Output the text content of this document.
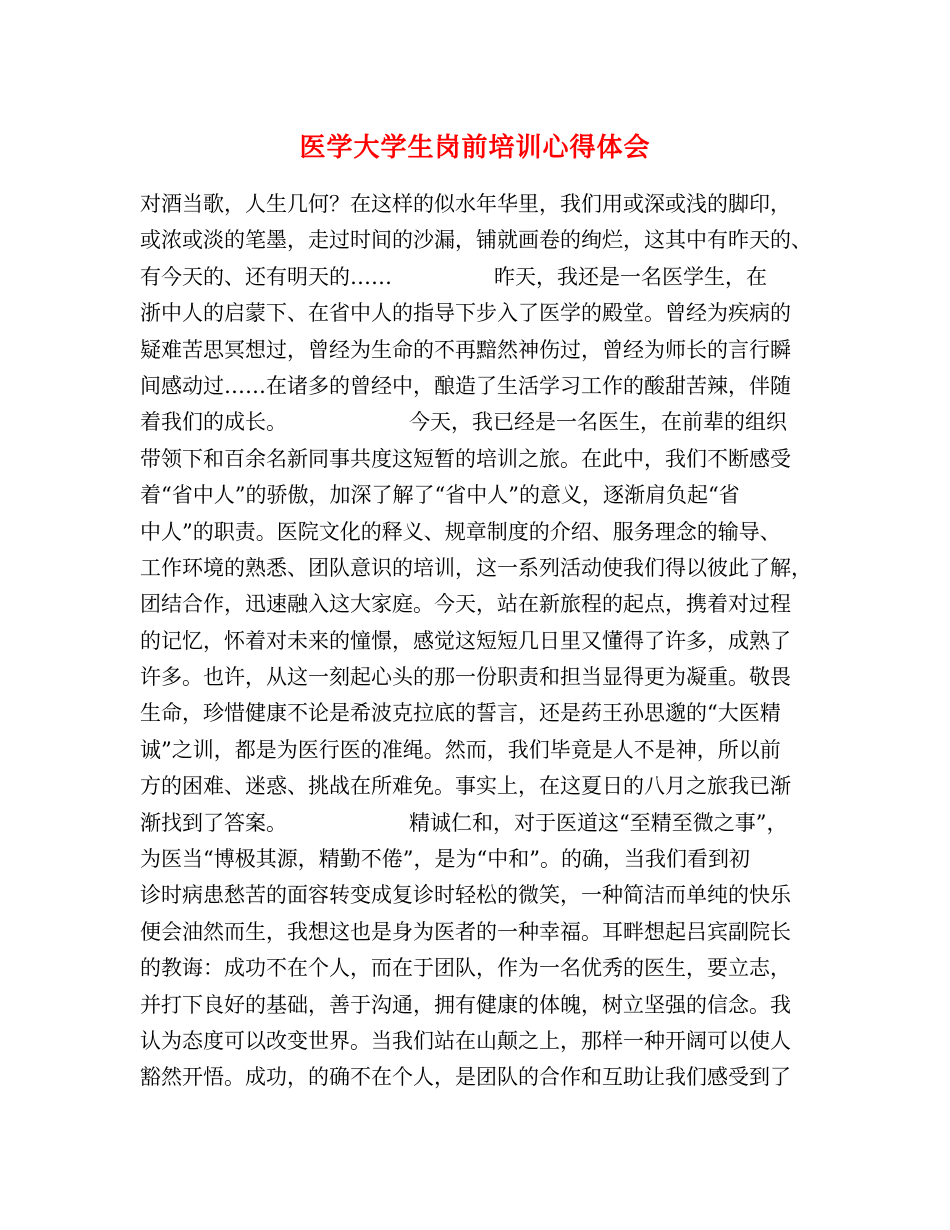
医学大学生岗前培训心得体会
对酒当歌，人生几何？在这样的似水年华里，我们用或深或浅的脚印，
或浓或淡的笔墨，走过时间的沙漏，铺就画卷的绚烂，这其中有昨天的、
有今天的、还有明天的……	昨天，我还是一名医学生，在
浙中人的启蒙下、在省中人的指导下步入了医学的殿堂。曾经为疾病的
疑难苦思冥想过，曾经为生命的不再黯然神伤过，曾经为师长的言行瞬
间感动过……在诸多的曾经中，酿造了生活学习工作的酸甜苦辣，伴随
着我们的成长。	今天，我已经是一名医生，在前辈的组织
带领下和百余名新同事共度这短暂的培训之旅。在此中，我们不断感受
着“省中人”的骄傲，加深了解了“省中人”的意义，逐渐肩负起“省
中人”的职责。医院文化的释义、规章制度的介绍、服务理念的输导、
工作环境的熟悉、团队意识的培训，这一系列活动使我们得以彼此了解，
团结合作，迅速融入这大家庭。今天，站在新旅程的起点，携着对过程
的记忆，怀着对未来的憧憬，感觉这短短几日里又懂得了许多，成熟了
许多。也许，从这一刻起心头的那一份职责和担当显得更为凝重。敬畏
生命，珍惜健康不论是希波克拉底的誓言，还是药王孙思邈的“大医精
诚”之训，都是为医行医的准绳。然而，我们毕竟是人不是神，所以前
方的困难、迷惑、挑战在所难免。事实上，在这夏日的八月之旅我已渐
渐找到了答案。	精诚仁和，对于医道这“至精至微之事”，
为医当“博极其源，精勤不倦”，是为“中和”。的确，当我们看到初
诊时病患愁苦的面容转变成复诊时轻松的微笑，一种简洁而单纯的快乐
便会油然而生，我想这也是身为医者的一种幸福。耳畔想起吕宾副院长
的教诲：成功不在个人，而在于团队，作为一名优秀的医生，要立志，
并打下良好的基础，善于沟通，拥有健康的体魄，树立坚强的信念。我
认为态度可以改变世界。当我们站在山颠之上，那样一种开阔可以使人
豁然开悟。成功，的确不在个人，是团队的合作和互助让我们感受到了
